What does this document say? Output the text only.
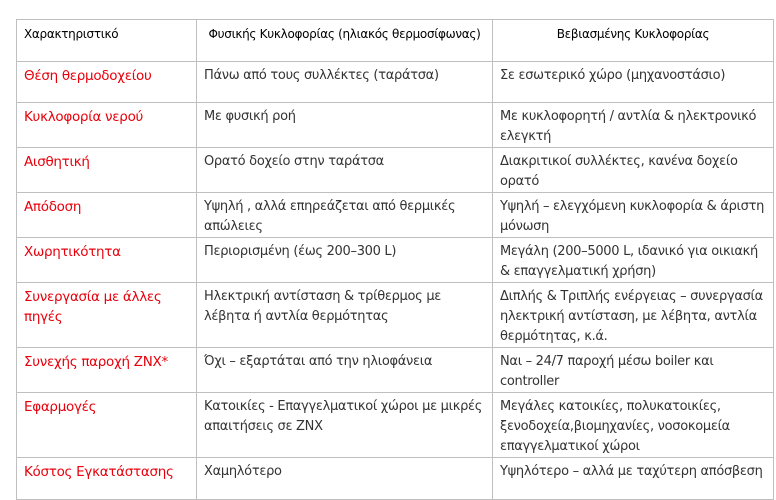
Χαρακτηριστικό	Φυσικής Κυκλοφορίας (ηλιακός θερμοσίφωνας)	Βεβιασμένης Κυκλοφορίας
Θέση θερμοδοχείου	Πάνω από τους συλλέκτες (ταράτσα)	Σε εσωτερικό χώρο (μηχανοστάσιο)
Κυκλοφορία νερού	Με φυσική ροή	Με κυκλοφορητή / αντλία & ηλεκτρονικό ελεγκτή
Αισθητική	Ορατό δοχείο στην ταράτσα	Διακριτικοί συλλέκτες, κανένα δοχείο ορατό
Απόδοση	Υψηλή , αλλά επηρεάζεται από θερμικές απώλειες	Υψηλή – ελεγχόμενη κυκλοφορία & άριστη μόνωση
Χωρητικότητα	Περιορισμένη (έως 200–300 L)	Μεγάλη (200–5000 L, ιδανικό για οικιακή & επαγγελματική χρήση)
Συνεργασία με άλλες πηγές	Ηλεκτρική αντίσταση & τρίθερμος με λέβητα ή αντλία θερμότητας	Διπλής & Τριπλής ενέργειας – συνεργασία ηλεκτρική αντίσταση, με λέβητα, αντλία θερμότητας, κ.ά.
Συνεχής παροχή ΖΝΧ*	Όχι – εξαρτάται από την ηλιοφάνεια	Ναι – 24/7 παροχή μέσω boiler και controller
Εφαρμογές	Κατοικίες - Επαγγελματικοί χώροι με μικρές απαιτήσεις σε ΖΝΧ	Μεγάλες κατοικίες, πολυκατοικίες, ξενοδοχεία,βιομηχανίες, νοσοκομεία επαγγελματικοί χώροι
Κόστος Εγκατάστασης	Χαμηλότερο	Υψηλότερο – αλλά με ταχύτερη απόσβεση
